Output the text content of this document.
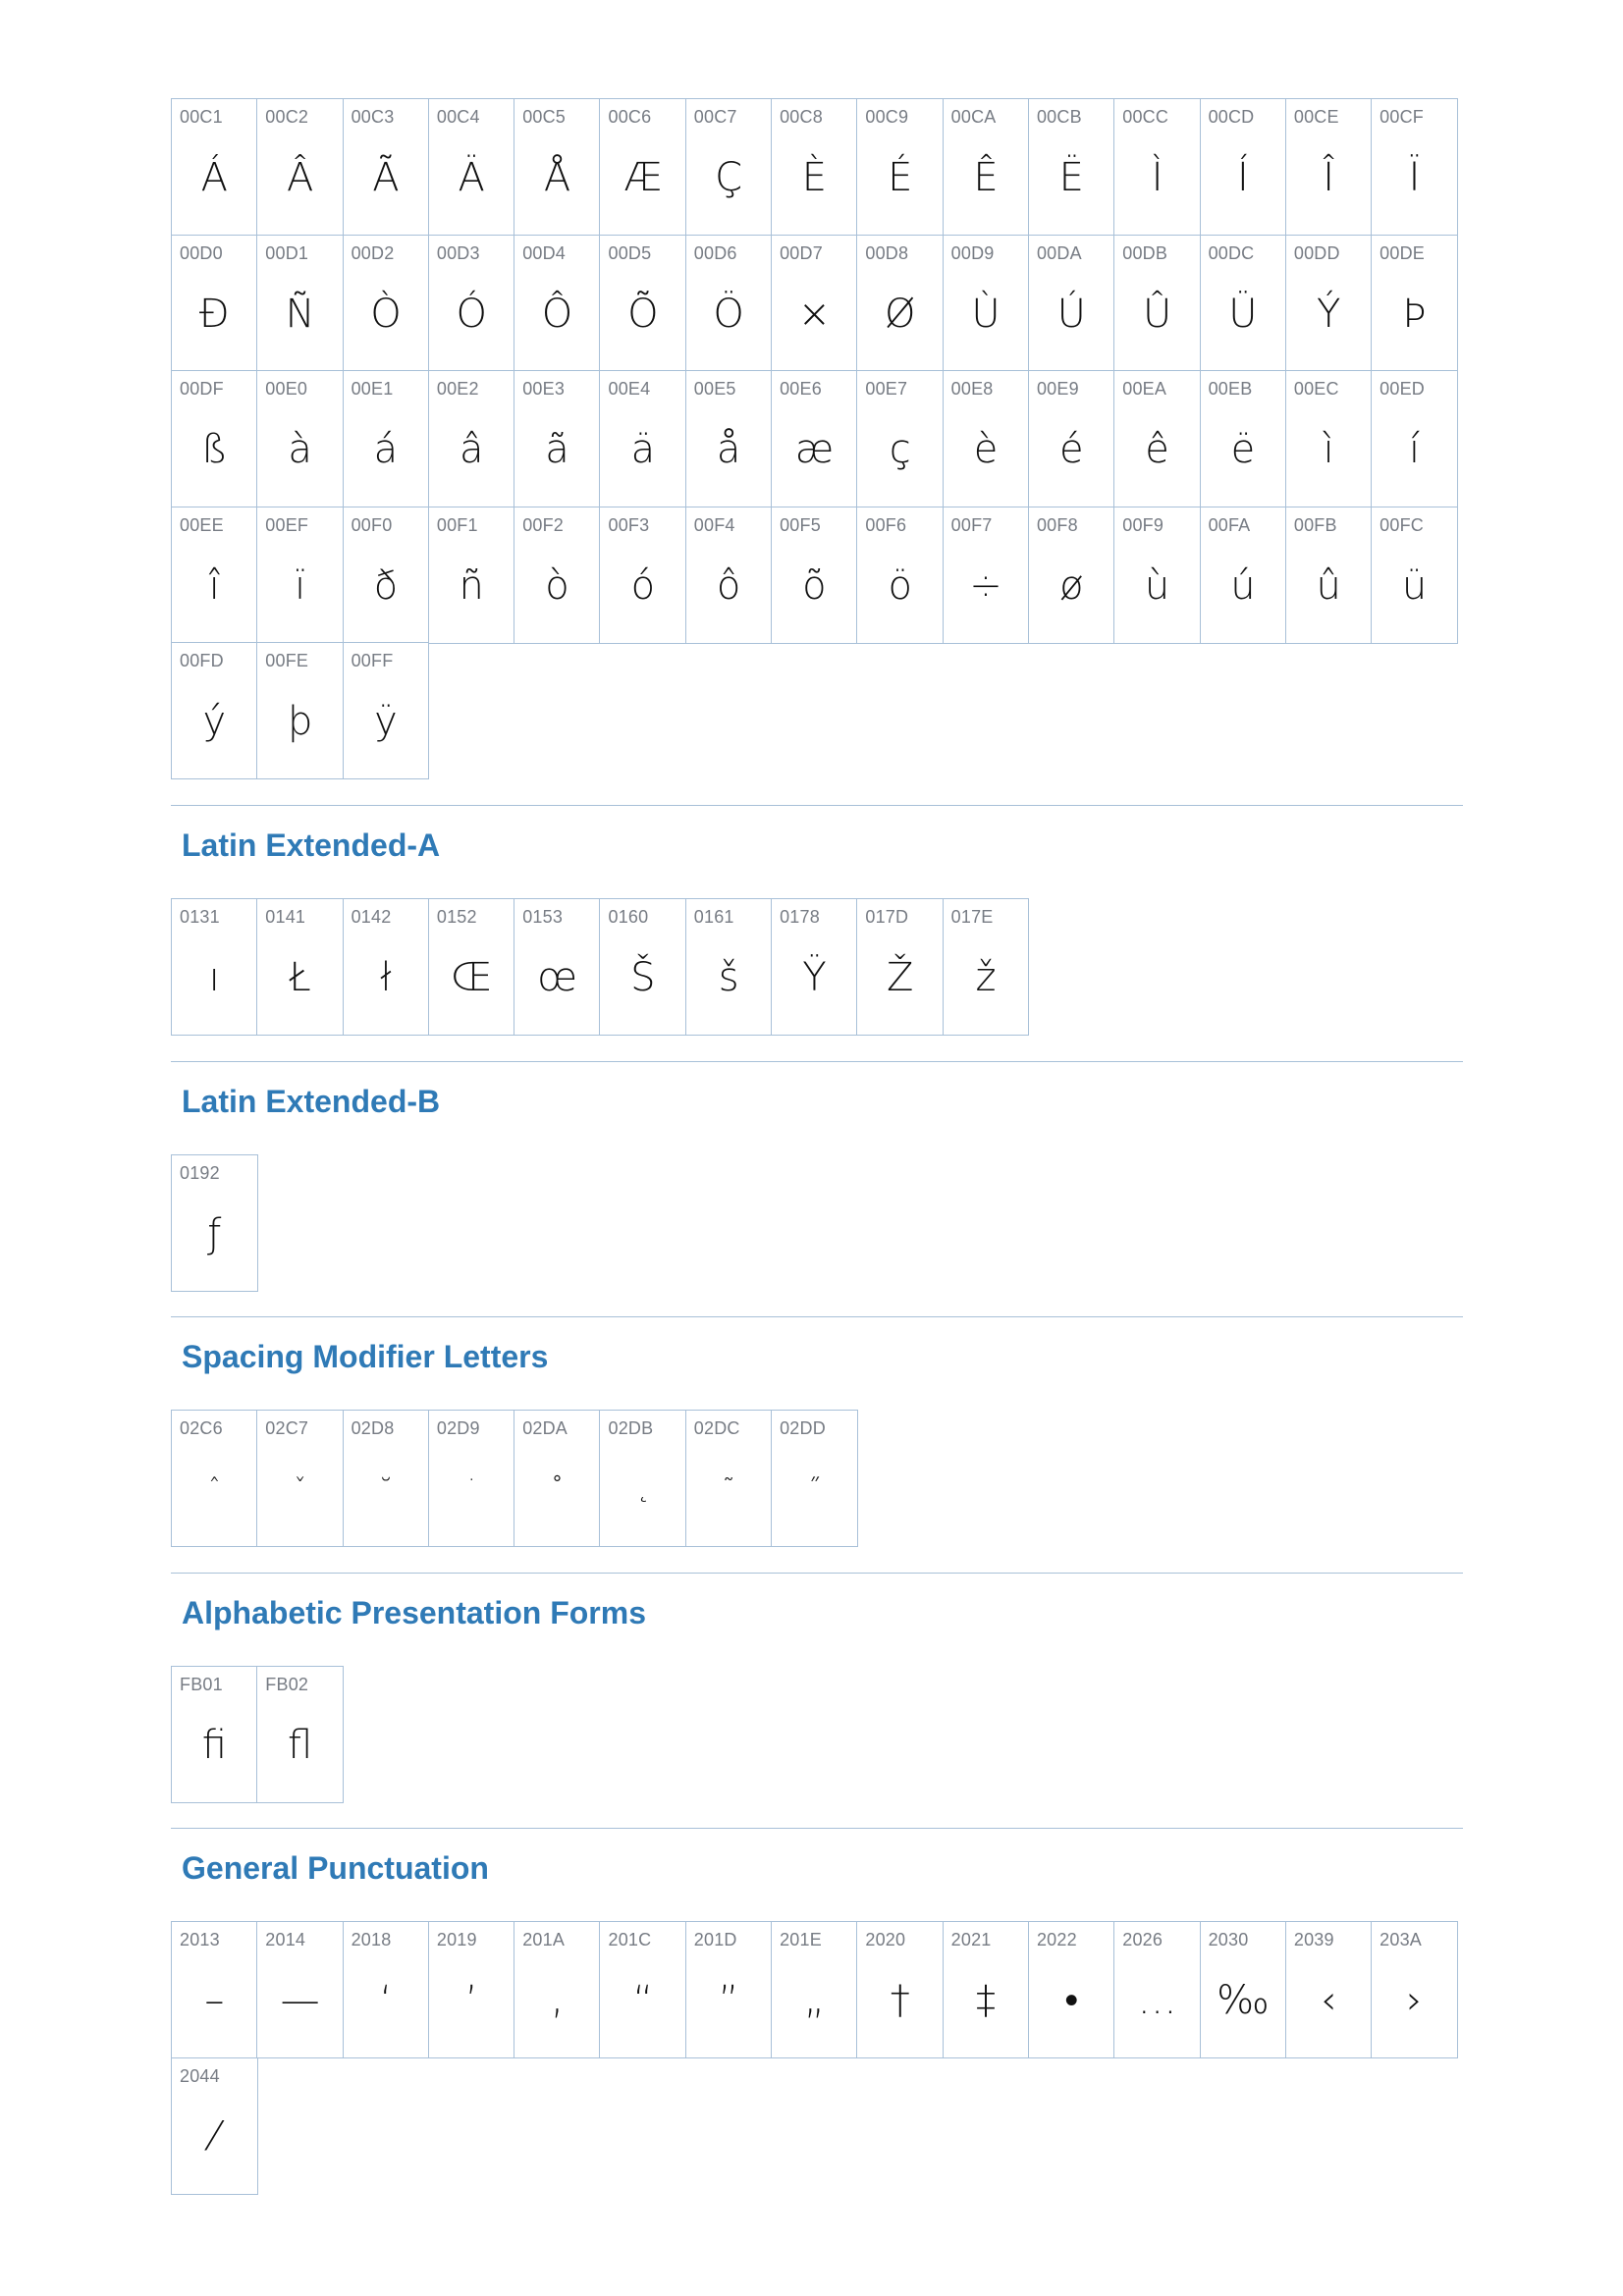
00C1
Á
00C2
Â
00C3
Ã
00C4
Ä
00C5
Å
00C6
Æ
00C7
Ç
00C8
È
00C9
É
00CA
Ê
00CB
Ë
00CC
Ì
00CD
Í
00CE
Î
00CF
Ï
00D0
Ð
00D1
Ñ
00D2
Ò
00D3
Ó
00D4
Ô
00D5
Õ
00D6
Ö
00D7
×
00D8
Ø
00D9
Ù
00DA
Ú
00DB
Û
00DC
Ü
00DD
Ý
00DE
Þ
00DF
ß
00E0
à
00E1
á
00E2
â
00E3
ã
00E4
ä
00E5
å
00E6
æ
00E7
ç
00E8
è
00E9
é
00EA
ê
00EB
ë
00EC
ì
00ED
í
00EE
î
00EF
ï
00F0
ð
00F1
ñ
00F2
ò
00F3
ó
00F4
ô
00F5
õ
00F6
ö
00F7
÷
00F8
ø
00F9
ù
00FA
ú
00FB
û
00FC
ü
00FD
ý
00FE
þ
00FF
ÿ
Latin Extended-A
0131
ı
0141
Ł
0142
ł
0152
Œ
0153
œ
0160
Š
0161
š
0178
Ÿ
017D
Ž
017E
ž
Latin Extended-B
0192
ƒ
Spacing Modifier Letters
02C6
ˆ
02C7
ˇ
02D8
˘
02D9
˙
02DA
˚
02DB
˛
02DC
˜
02DD
˝
Alphabetic Presentation Forms
FB01
ﬁ
FB02
ﬂ
General Punctuation
2013
–
2014
—
2018
‘
2019
’
201A
‚
201C
“
201D
”
201E
„
2020
†
2021
‡
2022
•
2026
…
2030
‰
2039
‹
203A
›
2044
⁄
